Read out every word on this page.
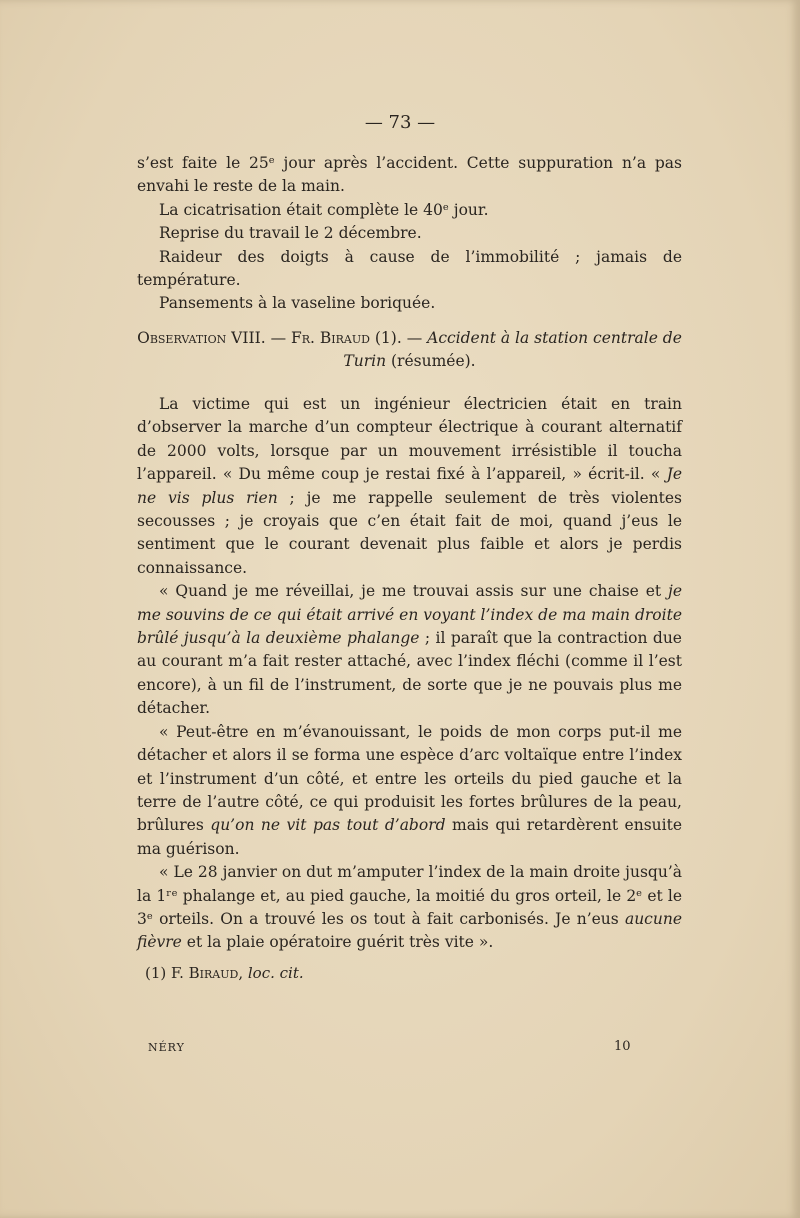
— 73 —

s’est faite le 25ᵉ jour après l’accident. Cette suppuration n’a pas envahi le reste de la main.

La cicatrisation était complète le 40ᵉ jour.

Reprise du travail le 2 décembre.

Raideur des doigts à cause de l’immobilité ; jamais de température.

Pansements à la vaseline boriquée.

Observation VIII. — Fr. Biraud (1). — Accident à la station centrale de Turin (résumée).

La victime qui est un ingénieur électricien était en train d’observer la marche d’un compteur électrique à courant alternatif de 2000 volts, lorsque par un mouvement irrésistible il toucha l’appareil. « Du même coup je restai fixé à l’appareil, » écrit-il. « Je ne vis plus rien ; je me rappelle seulement de très violentes secousses ; je croyais que c’en était fait de moi, quand j’eus le sentiment que le courant devenait plus faible et alors je perdis connaissance.

« Quand je me réveillai, je me trouvai assis sur une chaise et je me souvins de ce qui était arrivé en voyant l’index de ma main droite brûlé jusqu’à la deuxième phalange ; il paraît que la contraction due au courant m’a fait rester attaché, avec l’index fléchi (comme il l’est encore), à un fil de l’instrument, de sorte que je ne pouvais plus me détacher.

« Peut-être en m’évanouissant, le poids de mon corps put-il me détacher et alors il se forma une espèce d’arc voltaïque entre l’index et l’instrument d’un côté, et entre les orteils du pied gauche et la terre de l’autre côté, ce qui produisit les fortes brûlures de la peau, brûlures qu’on ne vit pas tout d’abord mais qui retardèrent ensuite ma guérison.

« Le 28 janvier on dut m’amputer l’index de la main droite jusqu’à la 1ʳᵉ phalange et, au pied gauche, la moitié du gros orteil, le 2ᵉ et le 3ᵉ orteils. On a trouvé les os tout à fait carbonisés. Je n’eus aucune fièvre et la plaie opératoire guérit très vite ».

(1) F. Biraud, loc. cit.
NÉRY	10
